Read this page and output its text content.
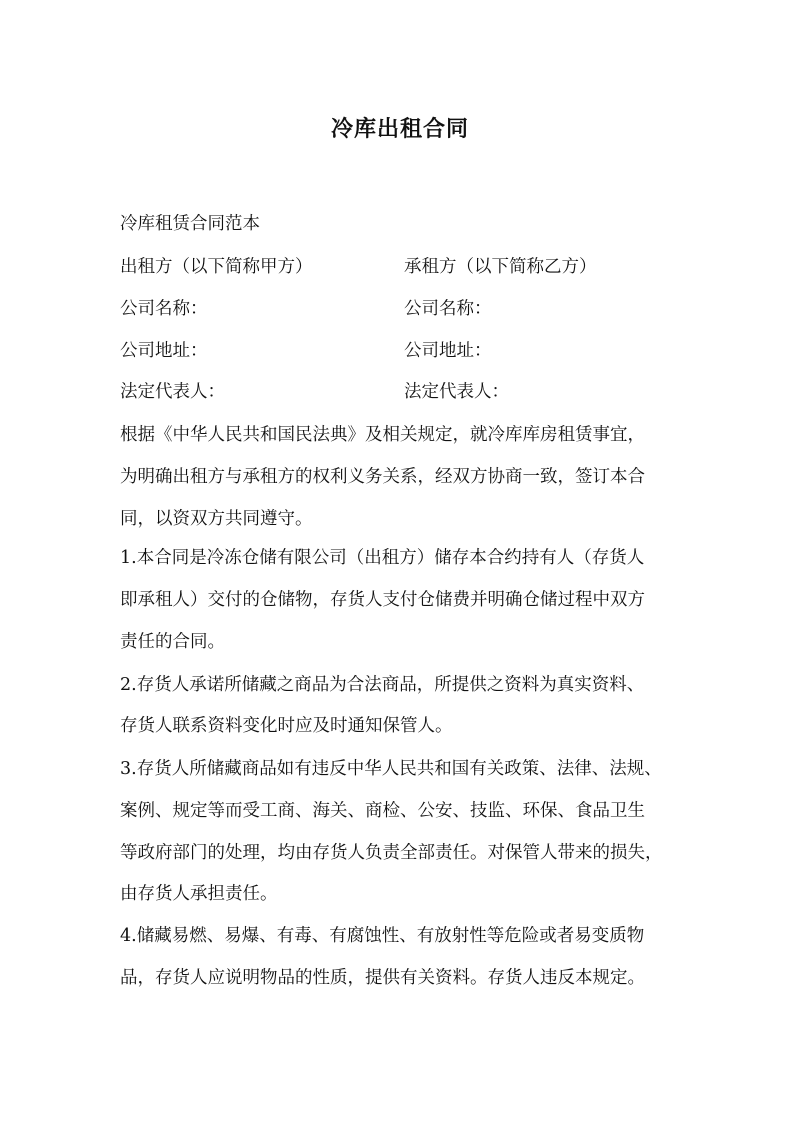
冷库出租合同

冷库租赁合同范本

出租方（以下简称甲方）	承租方（以下简称乙方）

公司名称：	公司名称：

公司地址：	公司地址：

法定代表人：	法定代表人：

根据《中华人民共和国民法典》及相关规定，就冷库库房租赁事宜，

为明确出租方与承租方的权利义务关系，经双方协商一致，签订本合

同，以资双方共同遵守。

1.本合同是冷冻仓储有限公司（出租方）储存本合约持有人（存货人

即承租人）交付的仓储物，存货人支付仓储费并明确仓储过程中双方

责任的合同。

2.存货人承诺所储藏之商品为合法商品，所提供之资料为真实资料、

存货人联系资料变化时应及时通知保管人。

3.存货人所储藏商品如有违反中华人民共和国有关政策、法律、法规、

案例、规定等而受工商、海关、商检、公安、技监、环保、食品卫生

等政府部门的处理，均由存货人负责全部责任。对保管人带来的损失，

由存货人承担责任。

4.储藏易燃、易爆、有毒、有腐蚀性、有放射性等危险或者易变质物

品，存货人应说明物品的性质，提供有关资料。存货人违反本规定。
